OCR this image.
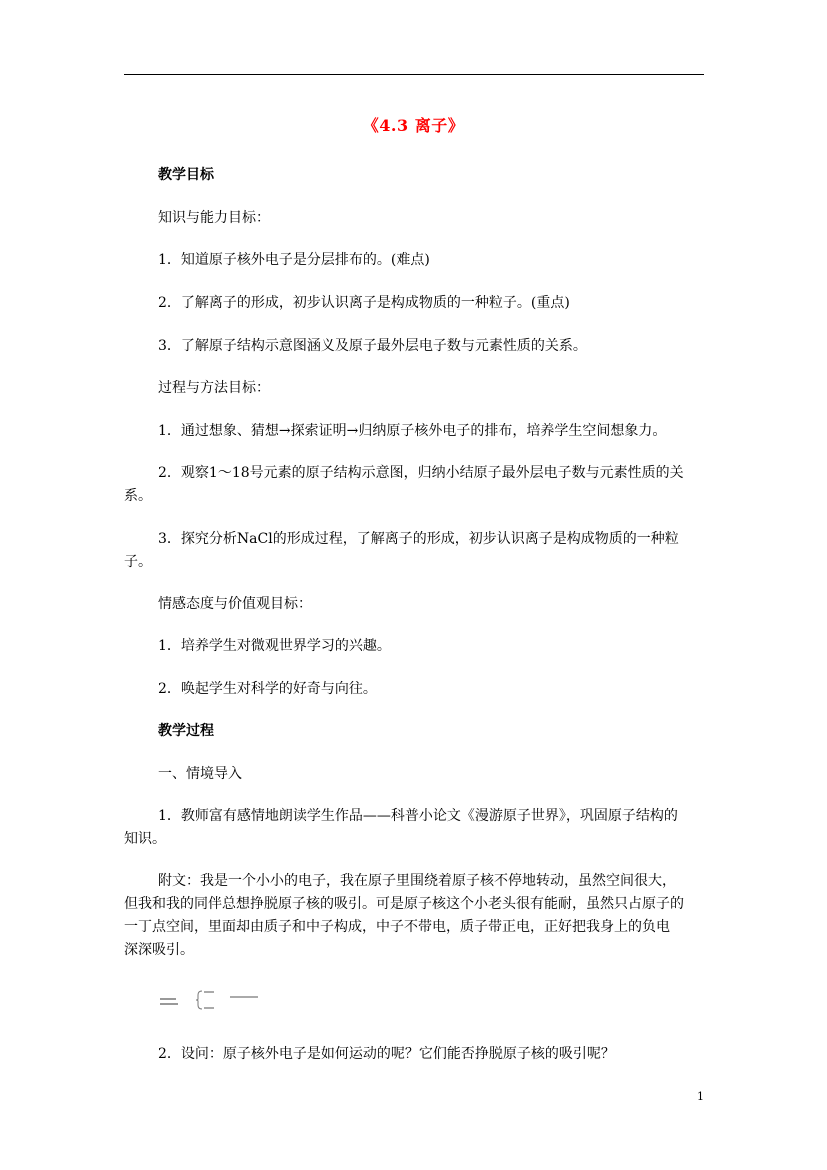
《4.3 离子》
教学目标
知识与能力目标：
1．知道原子核外电子是分层排布的。(难点)
2．了解离子的形成，初步认识离子是构成物质的一种粒子。(重点)
3．了解原子结构示意图涵义及原子最外层电子数与元素性质的关系。
过程与方法目标：
1．通过想象、猜想→探索证明→归纳原子核外电子的排布，培养学生空间想象力。
2．观察1～18号元素的原子结构示意图，归纳小结原子最外层电子数与元素性质的关
系。
3．探究分析NaCl的形成过程，了解离子的形成，初步认识离子是构成物质的一种粒
子。
情感态度与价值观目标：
1．培养学生对微观世界学习的兴趣。
2．唤起学生对科学的好奇与向往。
教学过程
一、情境导入
1．教师富有感情地朗读学生作品——科普小论文《漫游原子世界》，巩固原子结构的
知识。
附文：我是一个小小的电子，我在原子里围绕着原子核不停地转动，虽然空间很大，
但我和我的同伴总想挣脱原子核的吸引。可是原子核这个小老头很有能耐，虽然只占原子的
一丁点空间，里面却由质子和中子构成，中子不带电，质子带正电，正好把我身上的负电
深深吸引。
2．设问：原子核外电子是如何运动的呢？它们能否挣脱原子核的吸引呢？
1
